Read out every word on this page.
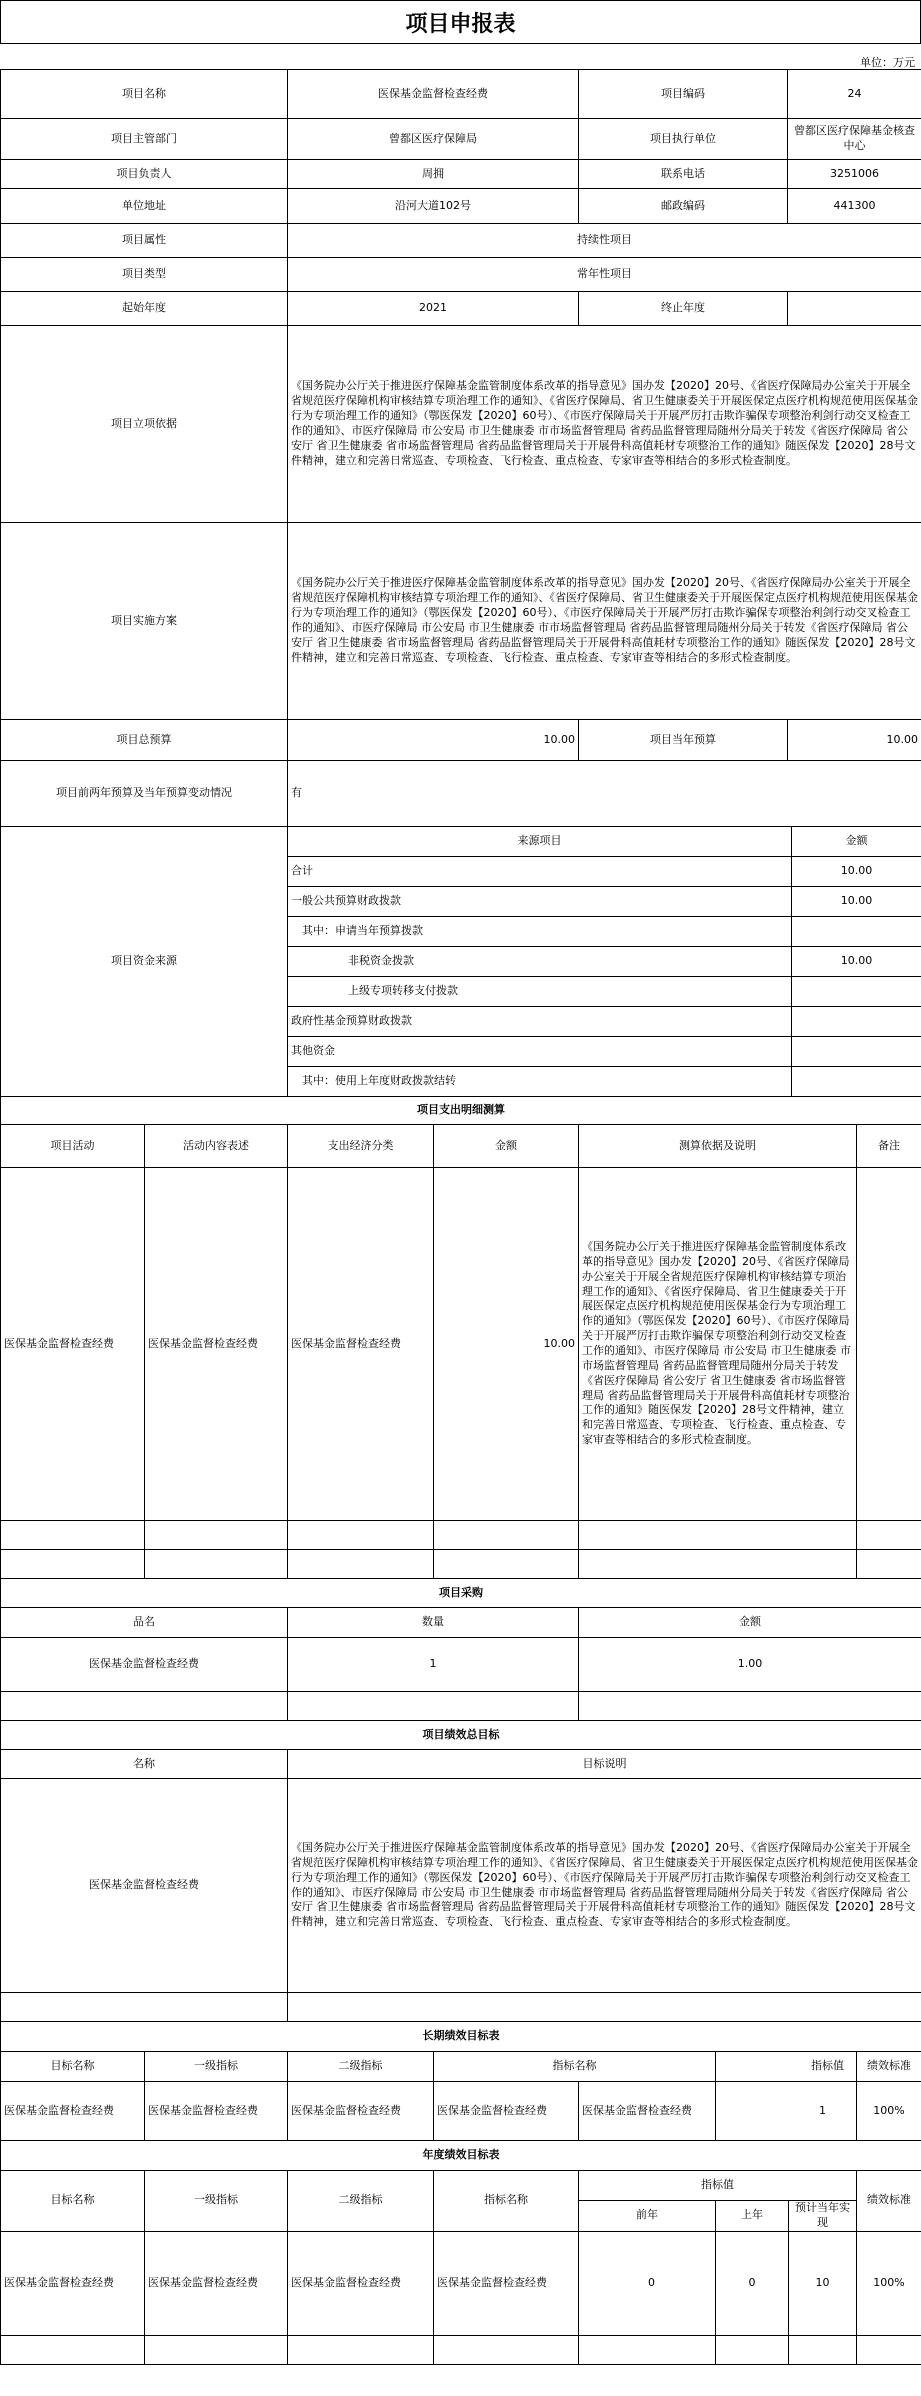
项目申报表
单位：万元
项目名称	医保基金监督检查经费	项目编码	24
项目主管部门	曾都区医疗保障局	项目执行单位	曾都区医疗保障基金核查中心
项目负责人	周拥	联系电话	3251006
单位地址	沿河大道102号	邮政编码	441300
项目属性	持续性项目		
项目类型	常年性项目		
起始年度	2021	终止年度	
项目立项依据	《国务院办公厅关于推进医疗保障基金监管制度体系改革的指导意见》国办发【2020】20号、《省医疗保障局办公室关于开展全省规范医疗保障机构审核结算专项治理工作的通知》、《省医疗保障局、省卫生健康委关于开展医保定点医疗机构规范使用医保基金行为专项治理工作的通知》（鄂医保发【2020】60号）、《市医疗保障局关于开展严厉打击欺诈骗保专项整治利剑行动交叉检查工作的通知》、市医疗保障局 市公安局 市卫生健康委 市市场监督管理局 省药品监督管理局随州分局关于转发《省医疗保障局 省公安厅 省卫生健康委 省市场监督管理局 省药品监督管理局关于开展骨科高值耗材专项整治工作的通知》随医保发【2020】28号文件精神，建立和完善日常巡查、专项检查、飞行检查、重点检查、专家审查等相结合的多形式检查制度。		
项目实施方案	《国务院办公厅关于推进医疗保障基金监管制度体系改革的指导意见》国办发【2020】20号、《省医疗保障局办公室关于开展全省规范医疗保障机构审核结算专项治理工作的通知》、《省医疗保障局、省卫生健康委关于开展医保定点医疗机构规范使用医保基金行为专项治理工作的通知》（鄂医保发【2020】60号）、《市医疗保障局关于开展严厉打击欺诈骗保专项整治利剑行动交叉检查工作的通知》、市医疗保障局 市公安局 市卫生健康委 市市场监督管理局 省药品监督管理局随州分局关于转发《省医疗保障局 省公安厅 省卫生健康委 省市场监督管理局 省药品监督管理局关于开展骨科高值耗材专项整治工作的通知》随医保发【2020】28号文件精神，建立和完善日常巡查、专项检查、飞行检查、重点检查、专家审查等相结合的多形式检查制度。		
项目总预算	10.00	项目当年预算	10.00
项目前两年预算及当年预算变动情况	有		
项目资金来源	来源项目	金额
	合计	10.00
	一般公共预算财政拨款	10.00
	其中：申请当年预算拨款	
	非税资金拨款	10.00
	上级专项转移支付拨款	
	政府性基金预算财政拨款	
	其他资金	
	其中：使用上年度财政拨款结转	
项目支出明细测算					
项目活动	活动内容表述	支出经济分类	金额	测算依据及说明	备注
医保基金监督检查经费	医保基金监督检查经费	医保基金监督检查经费	10.00	《国务院办公厅关于推进医疗保障基金监管制度体系改革的指导意见》国办发【2020】20号、《省医疗保障局办公室关于开展全省规范医疗保障机构审核结算专项治理工作的通知》、《省医疗保障局、省卫生健康委关于开展医保定点医疗机构规范使用医保基金行为专项治理工作的通知》（鄂医保发【2020】60号）、《市医疗保障局关于开展严厉打击欺诈骗保专项整治利剑行动交叉检查工作的通知》、市医疗保障局 市公安局 市卫生健康委 市市场监督管理局 省药品监督管理局随州分局关于转发《省医疗保障局 省公安厅 省卫生健康委 省市场监督管理局 省药品监督管理局关于开展骨科高值耗材专项整治工作的通知》随医保发【2020】28号文件精神，建立和完善日常巡查、专项检查、飞行检查、重点检查、专家审查等相结合的多形式检查制度。	

项目采购		
品名	数量	金额
医保基金监督检查经费	1	1.00

项目绩效总目标	
名称	目标说明
医保基金监督检查经费	《国务院办公厅关于推进医疗保障基金监管制度体系改革的指导意见》国办发【2020】20号、《省医疗保障局办公室关于开展全省规范医疗保障机构审核结算专项治理工作的通知》、《省医疗保障局、省卫生健康委关于开展医保定点医疗机构规范使用医保基金行为专项治理工作的通知》（鄂医保发【2020】60号）、《市医疗保障局关于开展严厉打击欺诈骗保专项整治利剑行动交叉检查工作的通知》、市医疗保障局 市公安局 市卫生健康委 市市场监督管理局 省药品监督管理局随州分局关于转发《省医疗保障局 省公安厅 省卫生健康委 省市场监督管理局 省药品监督管理局关于开展骨科高值耗材专项整治工作的通知》随医保发【2020】28号文件精神，建立和完善日常巡查、专项检查、飞行检查、重点检查、专家审查等相结合的多形式检查制度。

长期绩效目标表						
目标名称	一级指标	二级指标	指标名称		指标值	绩效标准
医保基金监督检查经费	医保基金监督检查经费	医保基金监督检查经费	医保基金监督检查经费	医保基金监督检查经费	1	100%
年度绩效目标表							
目标名称	一级指标	二级指标	指标名称	指标值			绩效标准
				前年	上年	预计当年实现	
医保基金监督检查经费	医保基金监督检查经费	医保基金监督检查经费	医保基金监督检查经费	0	0	10	100%
